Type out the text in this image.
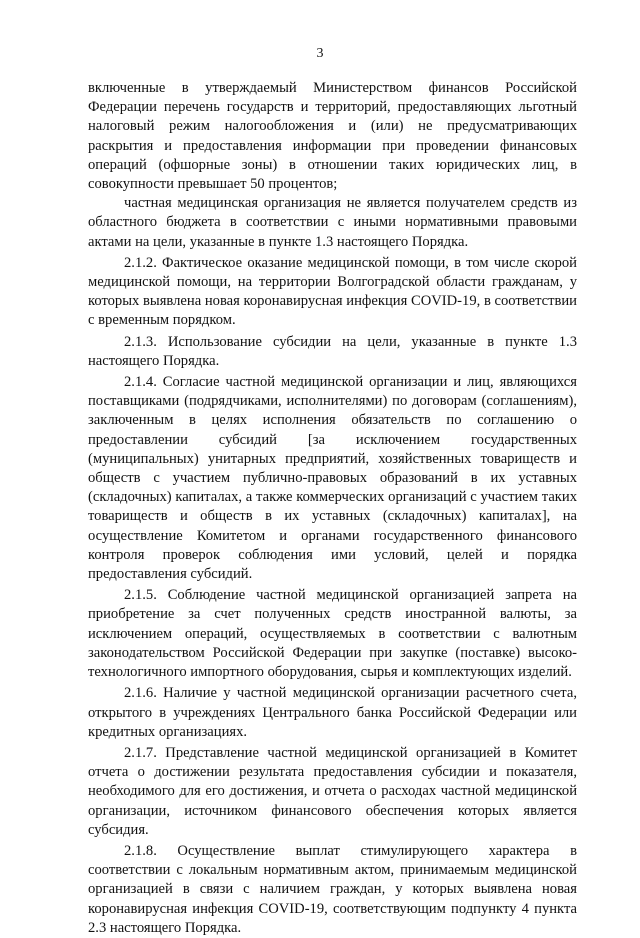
3

включенные в утверждаемый Министерством финансов Российской Федерации перечень государств и территорий, предоставляющих льготный налоговый режим налогообложения и (или) не предусматривающих раскрытия и предоставления информации при проведении финансовых операций (офшорные зоны) в отношении таких юридических лиц, в совокупности превышает 50 процентов;

частная медицинская организация не является получателем средств из областного бюджета в соответствии с иными нормативными правовыми актами на цели, указанные в пункте 1.3 настоящего Порядка.

2.1.2. Фактическое оказание медицинской помощи, в том числе скорой медицинской помощи, на территории Волгоградской области гражданам, у которых выявлена новая коронавирусная инфекция COVID-19, в соответствии с временным порядком.

2.1.3. Использование субсидии на цели, указанные в пункте 1.3 настоящего Порядка.

2.1.4. Согласие частной медицинской организации и лиц, являющихся поставщиками (подрядчиками, исполнителями) по договорам (соглашениям), заключенным в целях исполнения обязательств по соглашению о предоставлении субсидий [за исключением государственных (муниципальных) унитарных предприятий, хозяйственных товариществ и обществ с участием публично-правовых образований в их уставных (складочных) капиталах, а также коммерческих организаций с участием таких товариществ и обществ в их уставных (складочных) капиталах], на осуществление Комитетом и органами государственного финансового контроля проверок соблюдения ими условий, целей и порядка предоставления субсидий.

2.1.5. Соблюдение частной медицинской организацией запрета на приобретение за счет полученных средств иностранной валюты, за исключением операций, осуществляемых в соответствии с валютным законодательством Российской Федерации при закупке (поставке) высокотехнологичного импортного оборудования, сырья и комплектующих изделий.

2.1.6. Наличие у частной медицинской организации расчетного счета, открытого в учреждениях Центрального банка Российской Федерации или кредитных организациях.

2.1.7. Представление частной медицинской организацией в Комитет отчета о достижении результата предоставления субсидии и показателя, необходимого для его достижения, и отчета о расходах частной медицинской организации, источником финансового обеспечения которых является субсидия.

2.1.8. Осуществление выплат стимулирующего характера в соответствии с локальным нормативным актом, принимаемым медицинской организацией в связи с наличием граждан, у которых выявлена новая коронавирусная инфекция COVID-19, соответствующим подпункту 4 пункта 2.3 настоящего Порядка.
